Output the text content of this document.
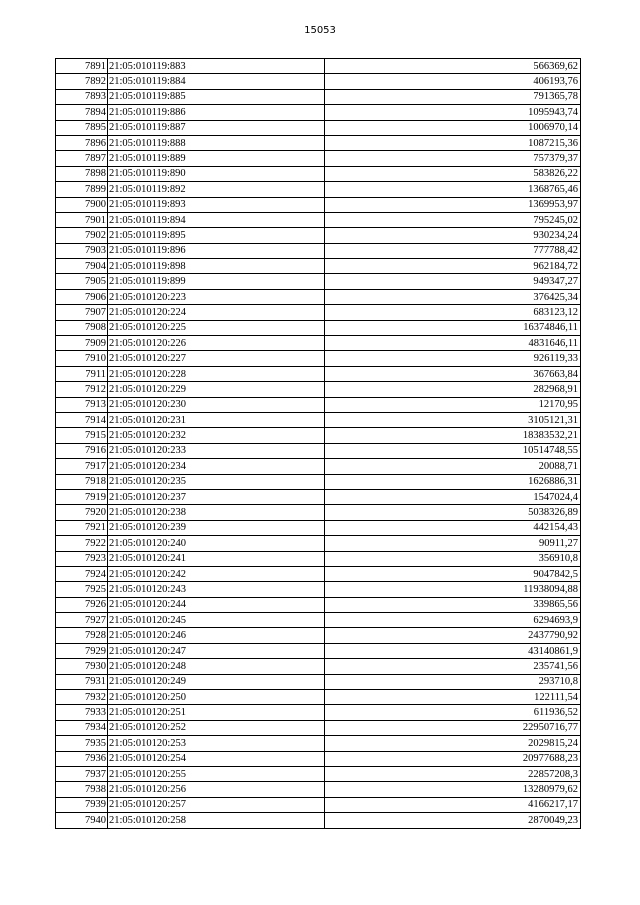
15053
7891	21:05:010119:883	566369,62
7892	21:05:010119:884	406193,76
7893	21:05:010119:885	791365,78
7894	21:05:010119:886	1095943,74
7895	21:05:010119:887	1006970,14
7896	21:05:010119:888	1087215,36
7897	21:05:010119:889	757379,37
7898	21:05:010119:890	583826,22
7899	21:05:010119:892	1368765,46
7900	21:05:010119:893	1369953,97
7901	21:05:010119:894	795245,02
7902	21:05:010119:895	930234,24
7903	21:05:010119:896	777788,42
7904	21:05:010119:898	962184,72
7905	21:05:010119:899	949347,27
7906	21:05:010120:223	376425,34
7907	21:05:010120:224	683123,12
7908	21:05:010120:225	16374846,11
7909	21:05:010120:226	4831646,11
7910	21:05:010120:227	926119,33
7911	21:05:010120:228	367663,84
7912	21:05:010120:229	282968,91
7913	21:05:010120:230	12170,95
7914	21:05:010120:231	3105121,31
7915	21:05:010120:232	18383532,21
7916	21:05:010120:233	10514748,55
7917	21:05:010120:234	20088,71
7918	21:05:010120:235	1626886,31
7919	21:05:010120:237	1547024,4
7920	21:05:010120:238	5038326,89
7921	21:05:010120:239	442154,43
7922	21:05:010120:240	90911,27
7923	21:05:010120:241	356910,8
7924	21:05:010120:242	9047842,5
7925	21:05:010120:243	11938094,88
7926	21:05:010120:244	339865,56
7927	21:05:010120:245	6294693,9
7928	21:05:010120:246	2437790,92
7929	21:05:010120:247	43140861,9
7930	21:05:010120:248	235741,56
7931	21:05:010120:249	293710,8
7932	21:05:010120:250	122111,54
7933	21:05:010120:251	611936,52
7934	21:05:010120:252	22950716,77
7935	21:05:010120:253	2029815,24
7936	21:05:010120:254	20977688,23
7937	21:05:010120:255	22857208,3
7938	21:05:010120:256	13280979,62
7939	21:05:010120:257	4166217,17
7940	21:05:010120:258	2870049,23
